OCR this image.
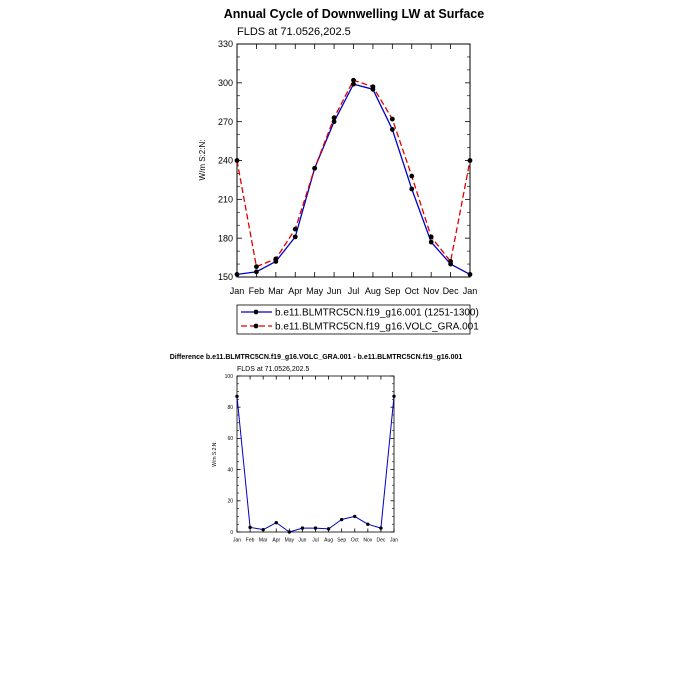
Annual Cycle of Downwelling LW at Surface
FLDS at 71.0526,202.5
W/m S:2:N:
150
180
210
240
270
300
330
Jan Feb Mar Apr May Jun Jul Aug Sep Oct Nov Dec Jan
b.e11.BLMTRC5CN.f19_g16.001 (1251-1300)
b.e11.BLMTRC5CN.f19_g16.VOLC_GRA.001
Difference b.e11.BLMTRC5CN.f19_g16.VOLC_GRA.001 - b.e11.BLMTRC5CN.f19_g16.001
FLDS at 71.0526,202.5
W/m S:2:N:
0
20
40
60
80
100
Jan Feb Mar Apr May Jun Jul Aug Sep Oct Nov Dec Jan
